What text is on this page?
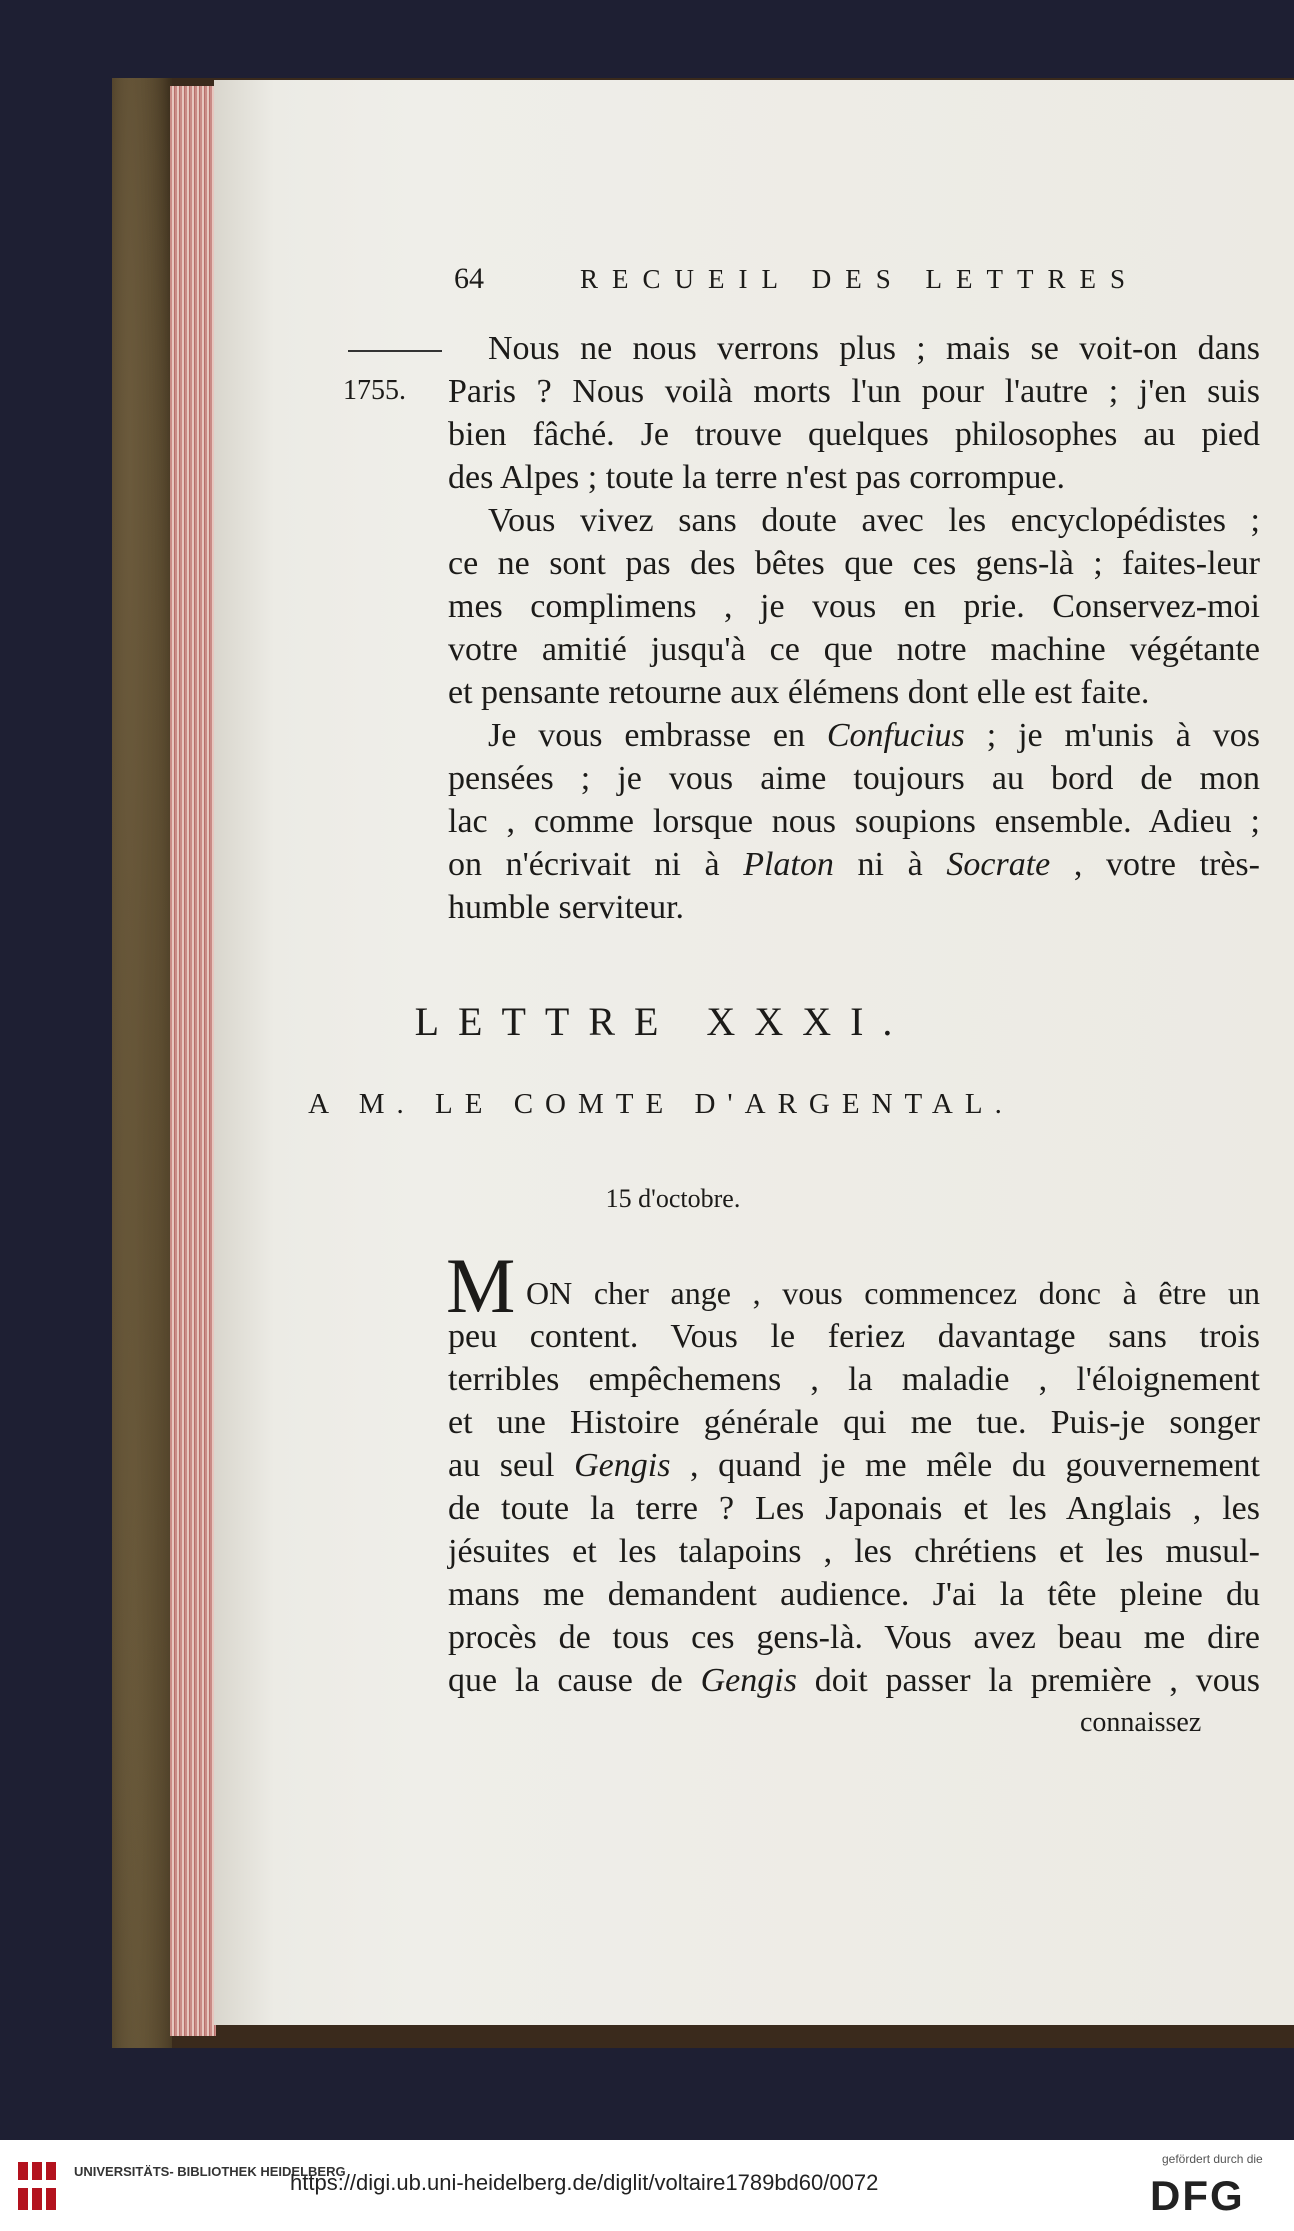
64	RECUEIL DES LETTRES
1755.
Nous ne nous verrons plus ; mais se voit-on dans
Paris ? Nous voilà morts l'un pour l'autre ; j'en suis
bien fâché. Je trouve quelques philosophes au pied
des Alpes ; toute la terre n'est pas corrompue.
Vous vivez sans doute avec les encyclopédistes ;
ce ne sont pas des bêtes que ces gens-là ; faites-leur
mes complimens , je vous en prie. Conservez-moi
votre amitié jusqu'à ce que notre machine végétante
et pensante retourne aux élémens dont elle est faite.
Je vous embrasse en Confucius ; je m'unis à vos
pensées ; je vous aime toujours au bord de mon
lac , comme lorsque nous soupions ensemble. Adieu ;
on n'écrivait ni à Platon ni à Socrate , votre très-
humble serviteur.
LETTRE XXXI.
A M. LE COMTE D'ARGENTAL.
15 d'octobre.
M ON cher ange , vous commencez donc à être un
peu content. Vous le feriez davantage sans trois
terribles empêchemens , la maladie , l'éloignement
et une Histoire générale qui me tue. Puis-je songer
au seul Gengis , quand je me mêle du gouvernement
de toute la terre ? Les Japonais et les Anglais , les
jésuites et les talapoins , les chrétiens et les musul-
mans me demandent audience. J'ai la tête pleine du
procès de tous ces gens-là. Vous avez beau me dire
que la cause de Gengis doit passer la première , vous
connaissez
UNIVERSITÄTS- BIBLIOTHEK HEIDELBERG
https://digi.ub.uni-heidelberg.de/diglit/voltaire1789bd60/0072
gefördert durch die
DFG
